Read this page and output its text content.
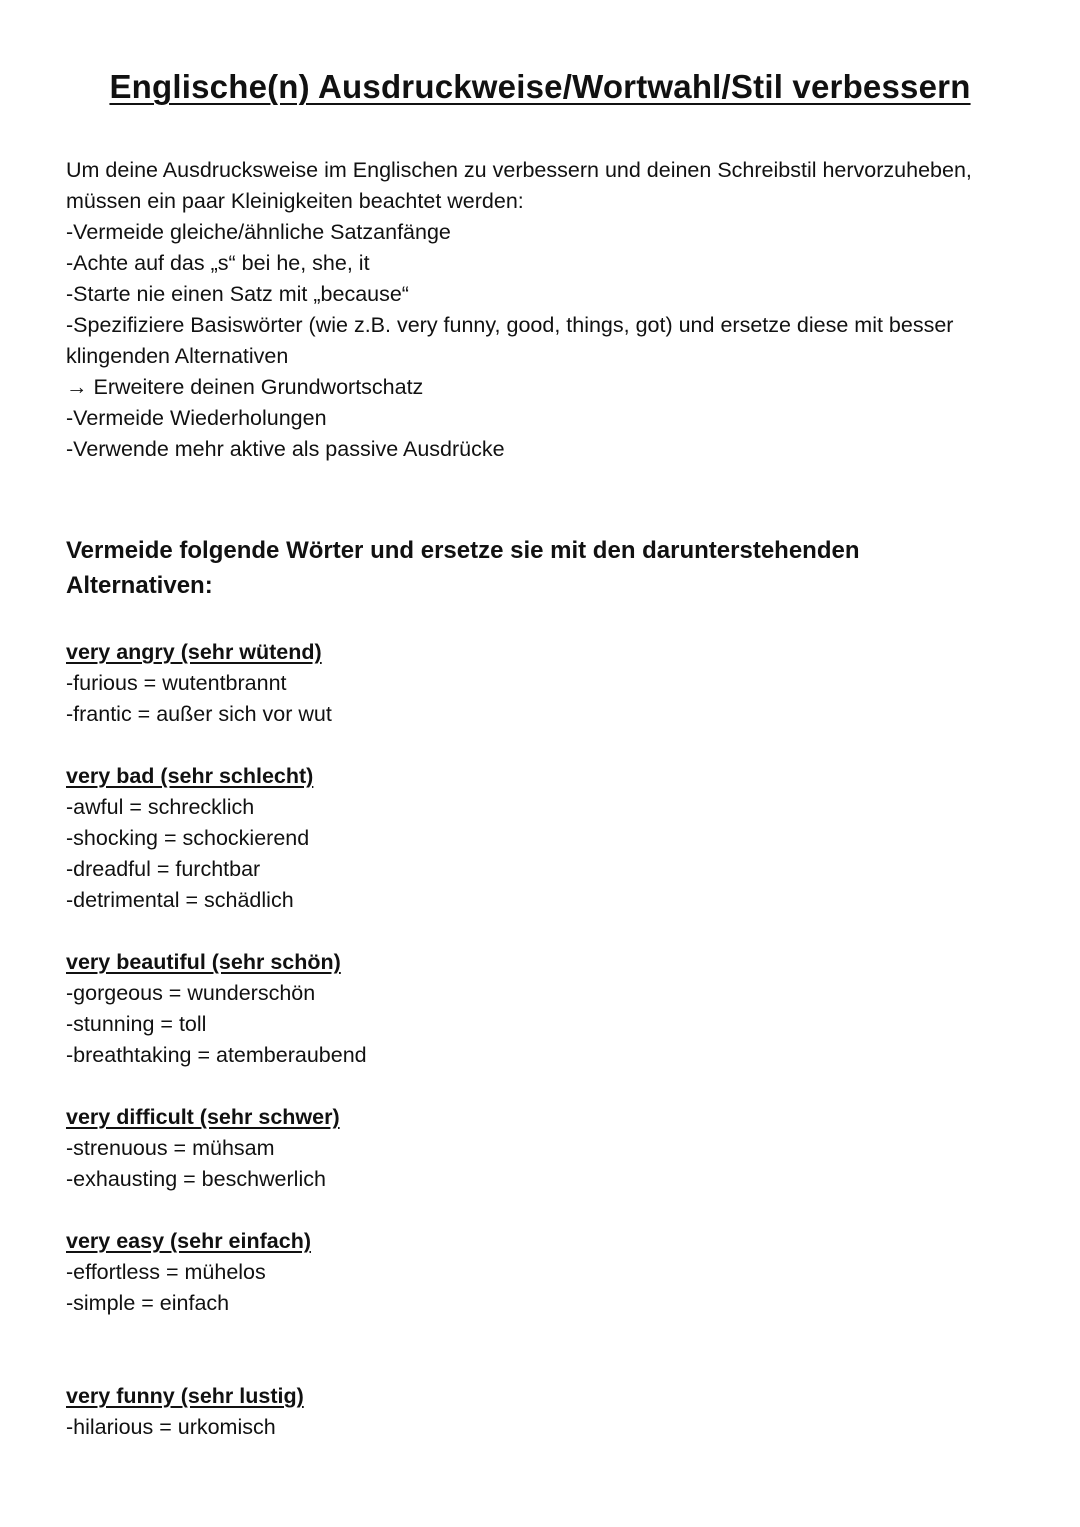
Englische(n) Ausdruckweise/Wortwahl/Stil verbessern
Um deine Ausdrucksweise im Englischen zu verbessern und deinen Schreibstil hervorzuheben, müssen ein paar Kleinigkeiten beachtet werden:
-Vermeide gleiche/ähnliche Satzanfänge
-Achte auf das „s“ bei he, she, it
-Starte nie einen Satz mit „because“
-Spezifiziere Basiswörter (wie z.B. very funny, good, things, got) und ersetze diese mit besser klingenden Alternativen
→ Erweitere deinen Grundwortschatz
-Vermeide Wiederholungen
-Verwende mehr aktive als passive Ausdrücke
Vermeide folgende Wörter und ersetze sie mit den darunterstehenden Alternativen:
very angry (sehr wütend)
-furious = wutentbrannt
-frantic = außer sich vor wut
very bad (sehr schlecht)
-awful = schrecklich
-shocking = schockierend
-dreadful = furchtbar
-detrimental = schädlich
very beautiful (sehr schön)
-gorgeous = wunderschön
-stunning = toll
-breathtaking = atemberaubend
very difficult (sehr schwer)
-strenuous = mühsam
-exhausting = beschwerlich
very easy (sehr einfach)
-effortless = mühelos
-simple = einfach
very funny (sehr lustig)
-hilarious = urkomisch
